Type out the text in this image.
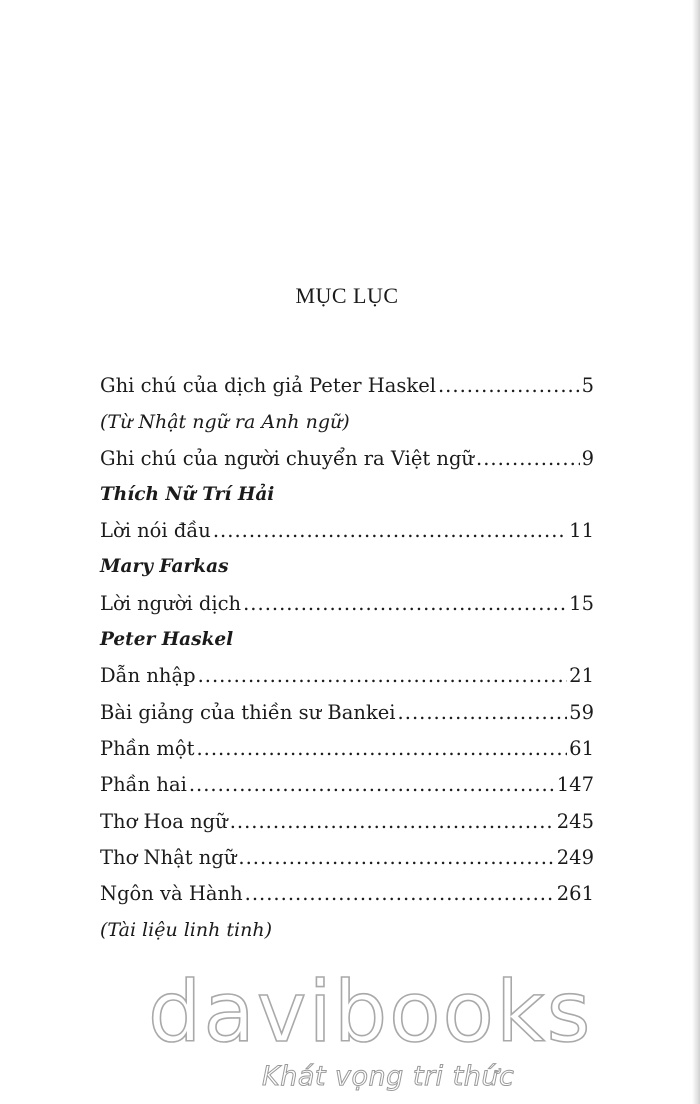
MỤC LỤC
Ghi chú của dịch giả Peter Haskel .....	5
(Từ Nhật ngữ ra Anh ngữ)
Ghi chú của người chuyển ra Việt ngữ .....	9
Thích Nữ Trí Hải
Lời nói đầu .....	11
Mary Farkas
Lời người dịch .....	15
Peter Haskel
Dẫn nhập .....	21
Bài giảng của thiền sư Bankei .....	59
Phần một .....	61
Phần hai .....	147
Thơ Hoa ngữ .....	245
Thơ Nhật ngữ .....	249
Ngôn và Hành .....	261
(Tài liệu linh tinh)
davibooks
Khát vọng tri thức
